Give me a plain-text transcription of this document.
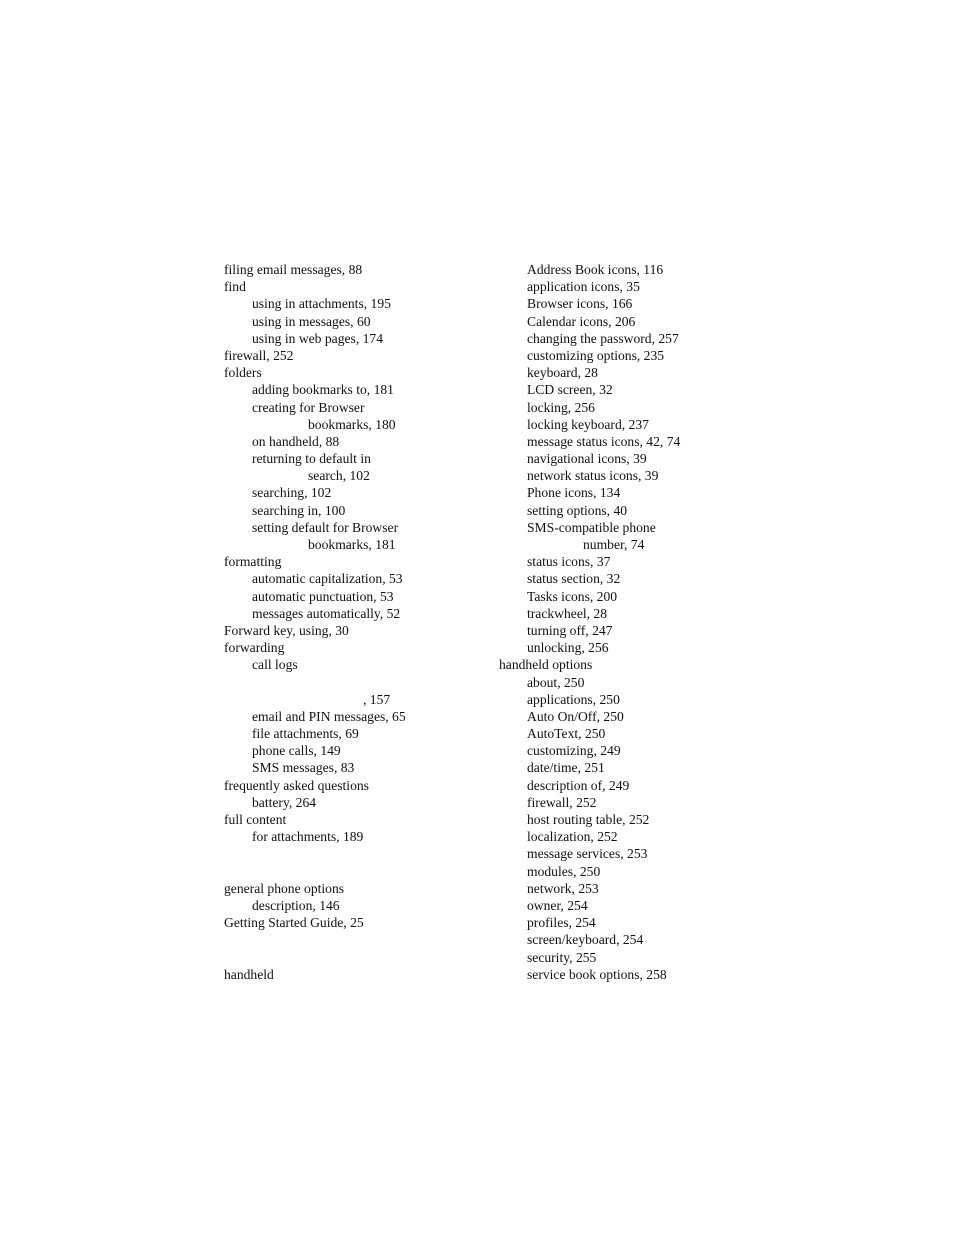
filing email messages, 88
find
using in attachments, 195
using in messages, 60
using in web pages, 174
firewall, 252
folders
adding bookmarks to, 181
creating for Browser
bookmarks, 180
on handheld, 88
returning to default in
search, 102
searching, 102
searching in, 100
setting default for Browser
bookmarks, 181
formatting
automatic capitalization, 53
automatic punctuation, 53
messages automatically, 52
Forward key, using, 30
forwarding
call logs
, 157
email and PIN messages, 65
file attachments, 69
phone calls, 149
SMS messages, 83
frequently asked questions
battery, 264
full content
for attachments, 189
general phone options
description, 146
Getting Started Guide, 25
handheld
Address Book icons, 116
application icons, 35
Browser icons, 166
Calendar icons, 206
changing the password, 257
customizing options, 235
keyboard, 28
LCD screen, 32
locking, 256
locking keyboard, 237
message status icons, 42, 74
navigational icons, 39
network status icons, 39
Phone icons, 134
setting options, 40
SMS-compatible phone
number, 74
status icons, 37
status section, 32
Tasks icons, 200
trackwheel, 28
turning off, 247
unlocking, 256
handheld options
about, 250
applications, 250
Auto On/Off, 250
AutoText, 250
customizing, 249
date/time, 251
description of, 249
firewall, 252
host routing table, 252
localization, 252
message services, 253
modules, 250
network, 253
owner, 254
profiles, 254
screen/keyboard, 254
security, 255
service book options, 258
